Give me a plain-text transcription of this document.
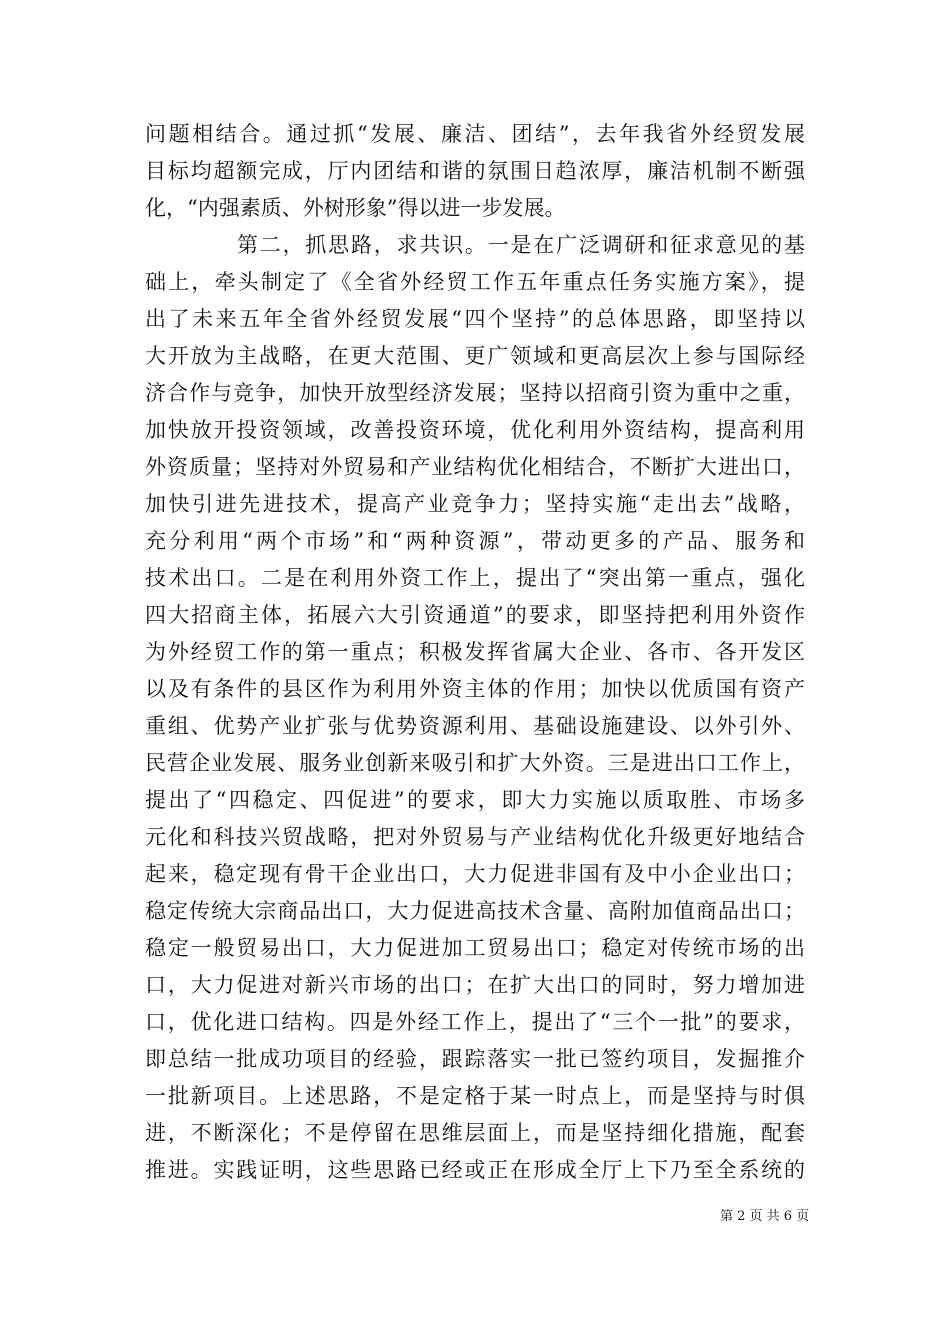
问题相结合。通过抓“发展、廉洁、团结”，去年我省外经贸发展
目标均超额完成，厅内团结和谐的氛围日趋浓厚，廉洁机制不断强
化，“内强素质、外树形象”得以进一步发展。
第二，抓思路，求共识。一是在广泛调研和征求意见的基
础上，牵头制定了《全省外经贸工作五年重点任务实施方案》，提
出了未来五年全省外经贸发展“四个坚持”的总体思路，即坚持以
大开放为主战略，在更大范围、更广领域和更高层次上参与国际经
济合作与竞争，加快开放型经济发展；坚持以招商引资为重中之重，
加快放开投资领域，改善投资环境，优化利用外资结构，提高利用
外资质量；坚持对外贸易和产业结构优化相结合，不断扩大进出口，
加快引进先进技术，提高产业竞争力；坚持实施“走出去”战略，
充分利用“两个市场”和“两种资源”，带动更多的产品、服务和
技术出口。二是在利用外资工作上，提出了“突出第一重点，强化
四大招商主体，拓展六大引资通道”的要求，即坚持把利用外资作
为外经贸工作的第一重点；积极发挥省属大企业、各市、各开发区
以及有条件的县区作为利用外资主体的作用；加快以优质国有资产
重组、优势产业扩张与优势资源利用、基础设施建设、以外引外、
民营企业发展、服务业创新来吸引和扩大外资。三是进出口工作上，
提出了“四稳定、四促进”的要求，即大力实施以质取胜、市场多
元化和科技兴贸战略，把对外贸易与产业结构优化升级更好地结合
起来，稳定现有骨干企业出口，大力促进非国有及中小企业出口；
稳定传统大宗商品出口，大力促进高技术含量、高附加值商品出口；
稳定一般贸易出口，大力促进加工贸易出口；稳定对传统市场的出
口，大力促进对新兴市场的出口；在扩大出口的同时，努力增加进
口，优化进口结构。四是外经工作上，提出了“三个一批”的要求，
即总结一批成功项目的经验，跟踪落实一批已签约项目，发掘推介
一批新项目。上述思路，不是定格于某一时点上，而是坚持与时俱
进，不断深化；不是停留在思维层面上，而是坚持细化措施，配套
推进。实践证明，这些思路已经或正在形成全厅上下乃至全系统的
第 2 页 共 6 页
